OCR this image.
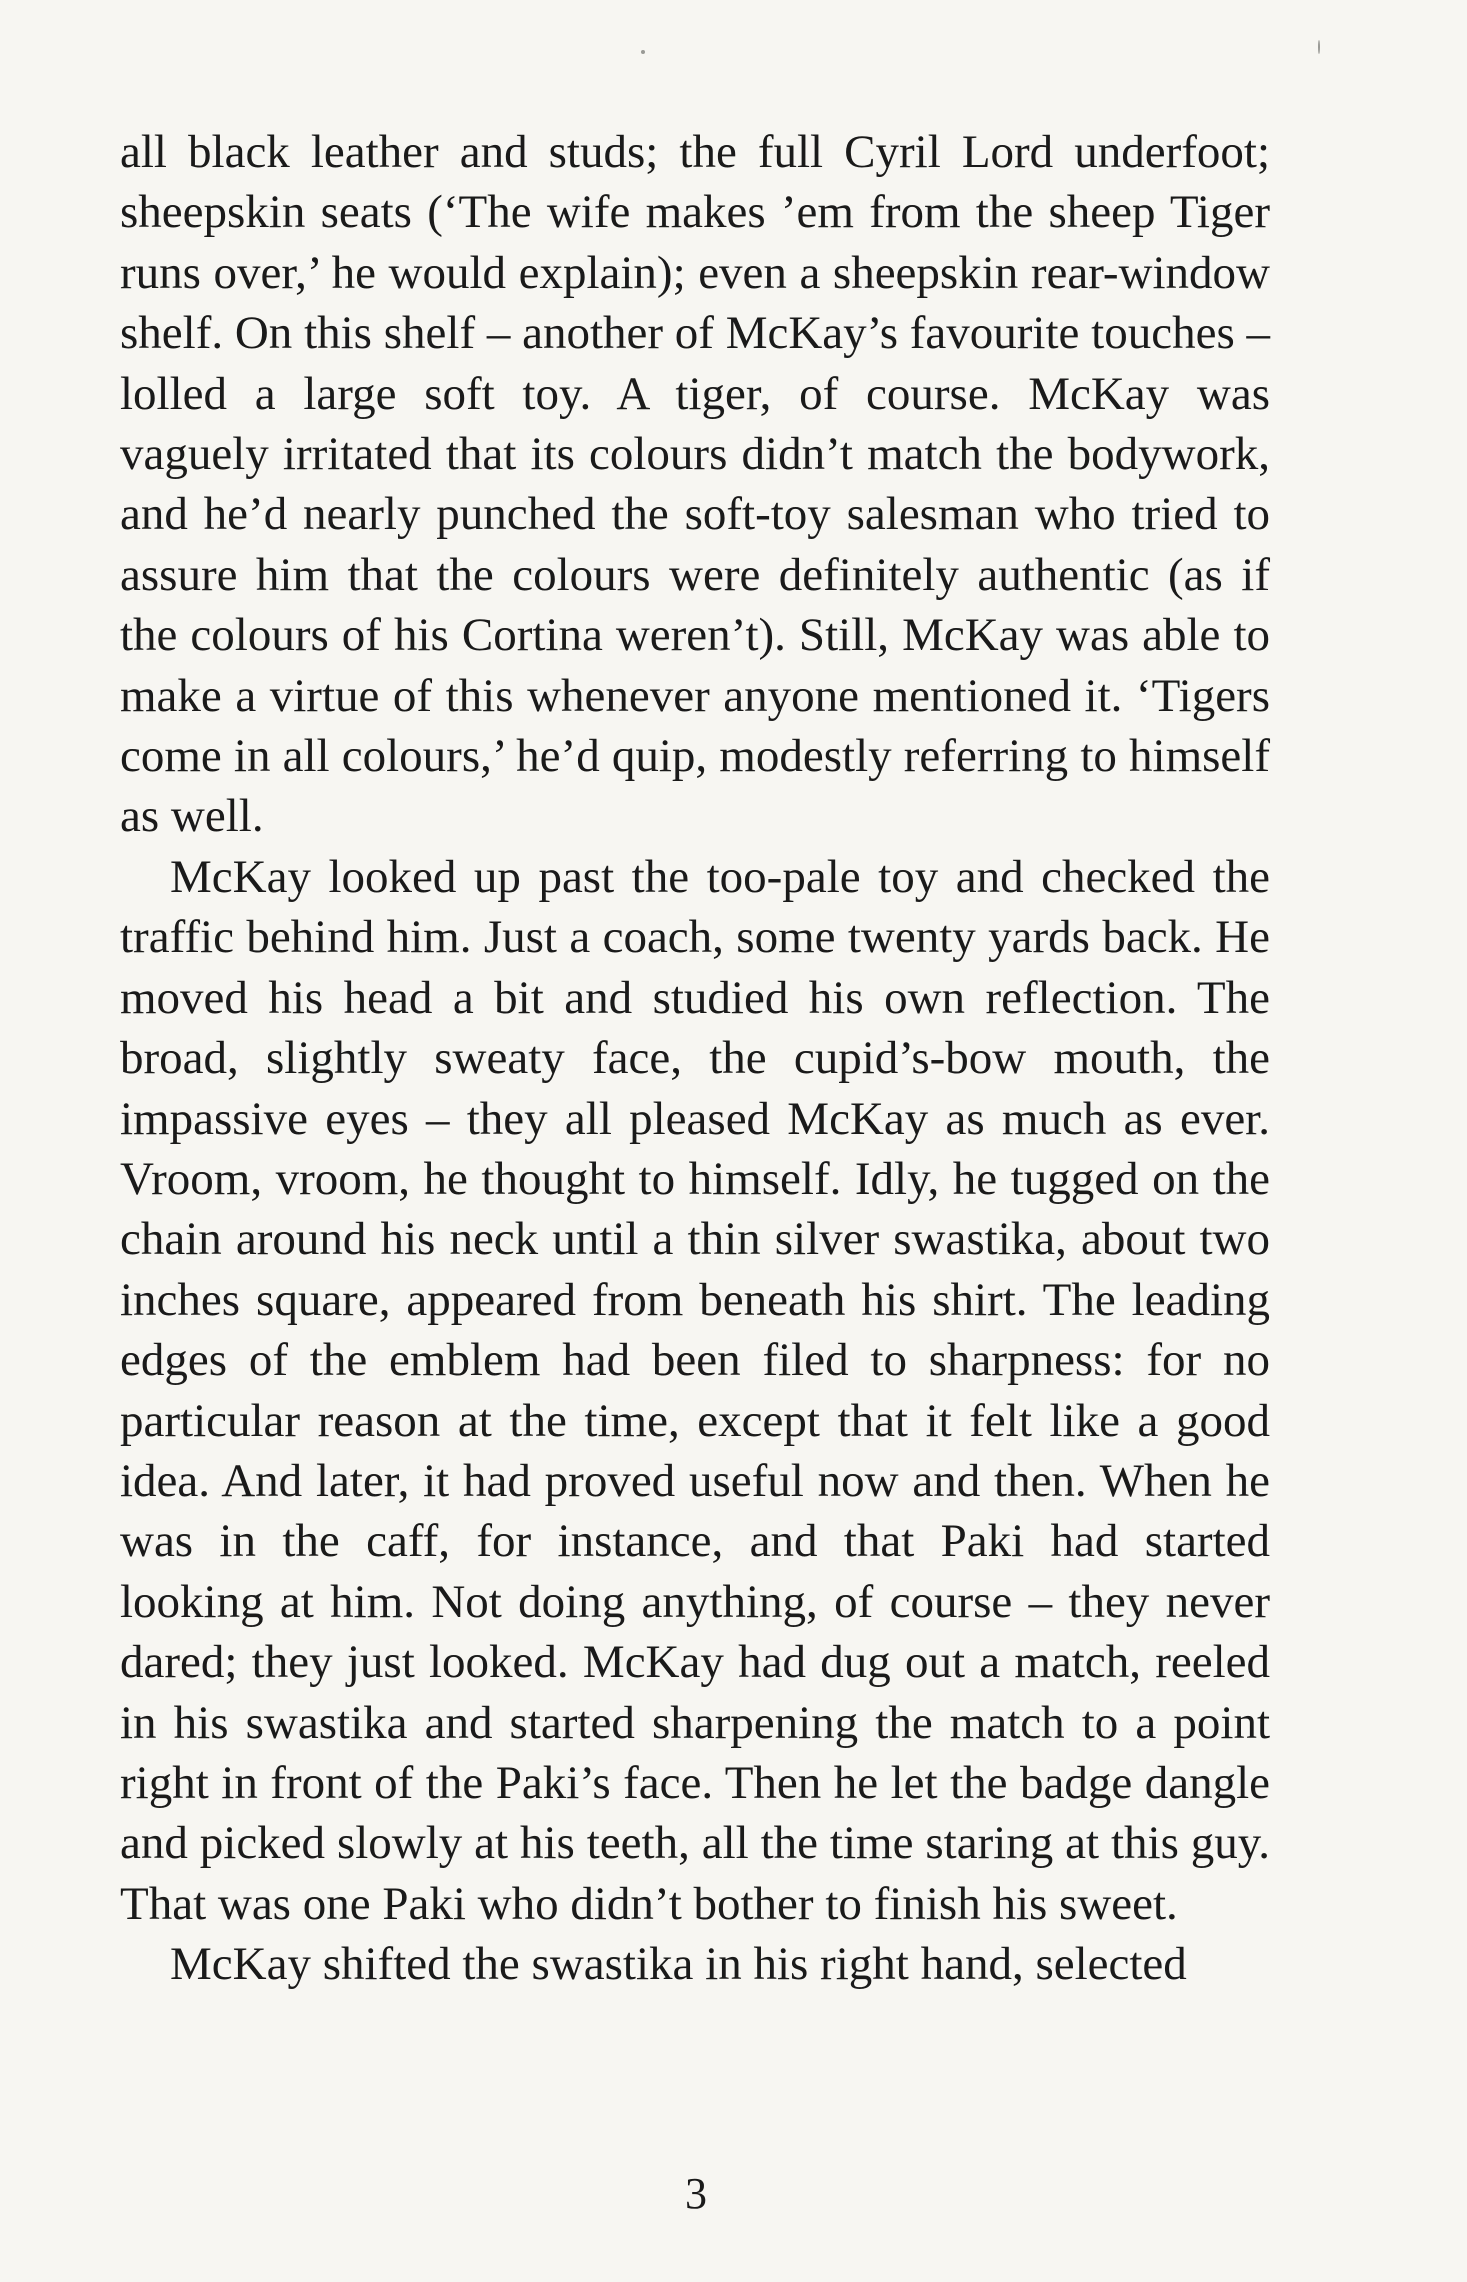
all black leather and studs; the full Cyril Lord underfoot; sheepskin seats (‘The wife makes ’em from the sheep Tiger runs over,’ he would explain); even a sheepskin rear-window shelf. On this shelf – another of McKay’s favourite touches – lolled a large soft toy. A tiger, of course. McKay was vaguely irritated that its colours didn’t match the bodywork, and he’d nearly punched the soft-toy salesman who tried to assure him that the colours were definitely authentic (as if the colours of his Cortina weren’t). Still, McKay was able to make a virtue of this whenever anyone mentioned it. ‘Tigers come in all colours,’ he’d quip, modestly referring to himself as well.

McKay looked up past the too-pale toy and checked the traffic behind him. Just a coach, some twenty yards back. He moved his head a bit and studied his own reflection. The broad, slightly sweaty face, the cupid’s-bow mouth, the impassive eyes – they all pleased McKay as much as ever. Vroom, vroom, he thought to himself. Idly, he tugged on the chain around his neck until a thin silver swastika, about two inches square, appeared from beneath his shirt. The leading edges of the emblem had been filed to sharpness: for no particular reason at the time, except that it felt like a good idea. And later, it had proved useful now and then. When he was in the caff, for instance, and that Paki had started looking at him. Not doing anything, of course – they never dared; they just looked. McKay had dug out a match, reeled in his swastika and started sharpening the match to a point right in front of the Paki’s face. Then he let the badge dangle and picked slowly at his teeth, all the time staring at this guy. That was one Paki who didn’t bother to finish his sweet.

McKay shifted the swastika in his right hand, selected

3
